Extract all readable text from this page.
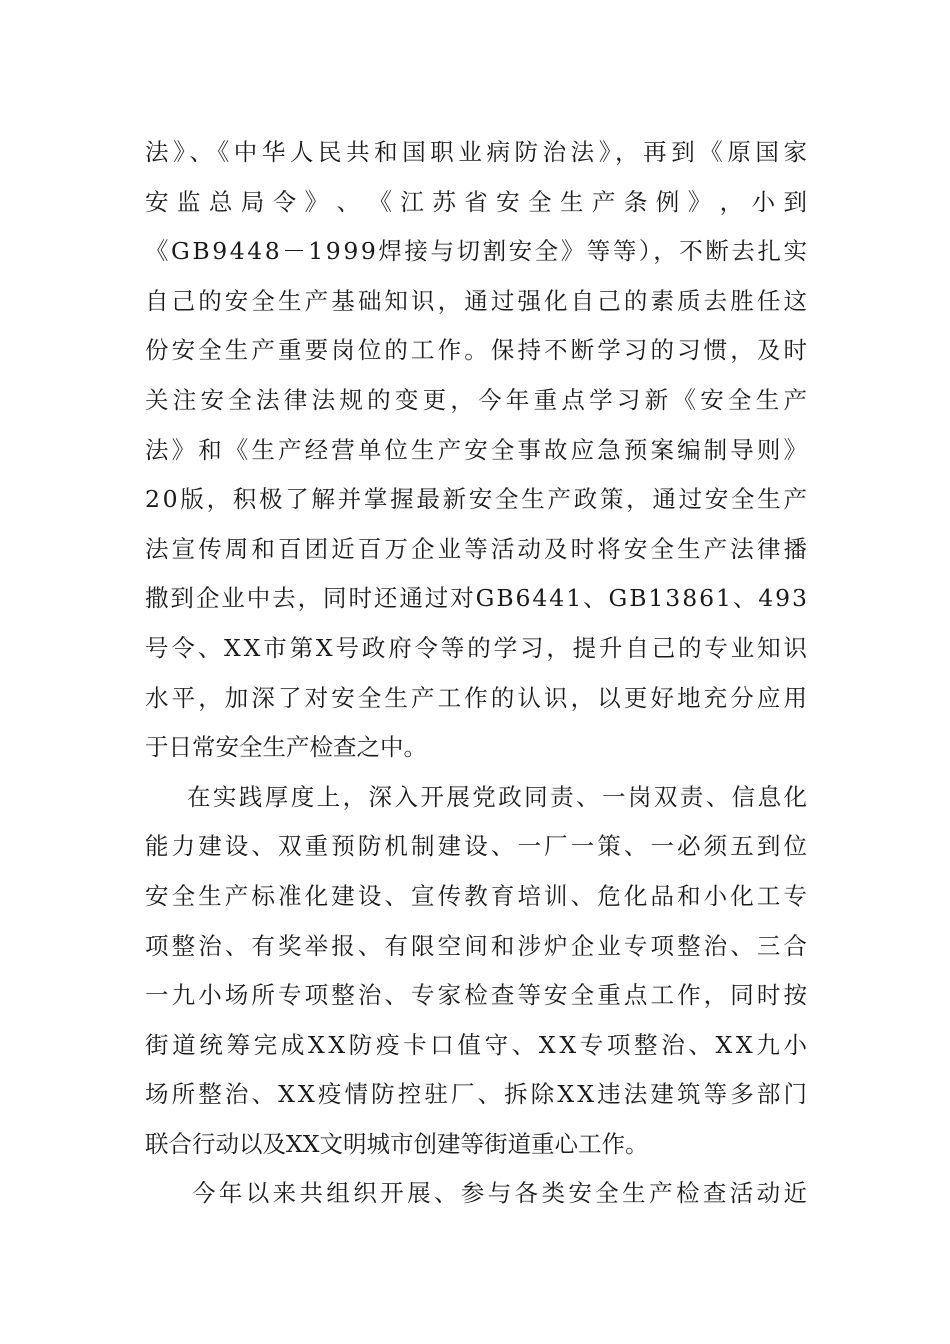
法》、《中华人民共和国职业病防治法》，再到《原国家
安 监 总 局 令 》 、 《 江 苏 省 安 全 生 产 条 例 》 ， 小 到
《GB9448－1999焊接与切割安全》等等），不断去扎实
自己的安全生产基础知识，通过强化自己的素质去胜任这
份安全生产重要岗位的工作。保持不断学习的习惯，及时
关注安全法律法规的变更，今年重点学习新《安全生产
法》和《生产经营单位生产安全事故应急预案编制导则》
20版，积极了解并掌握最新安全生产政策，通过安全生产
法宣传周和百团近百万企业等活动及时将安全生产法律播
撒到企业中去，同时还通过对GB6441、GB13861、493
号令、XX市第X号政府令等的学习，提升自己的专业知识
水平，加深了对安全生产工作的认识，以更好地充分应用
于日常安全生产检查之中。
在实践厚度上，深入开展党政同责、一岗双责、信息化
能力建设、双重预防机制建设、一厂一策、一必须五到位
安全生产标准化建设、宣传教育培训、危化品和小化工专
项整治、有奖举报、有限空间和涉炉企业专项整治、三合
一九小场所专项整治、专家检查等安全重点工作，同时按
街道统筹完成XX防疫卡口值守、XX专项整治、XX九小
场所整治、XX疫情防控驻厂、拆除XX违法建筑等多部门
联合行动以及XX文明城市创建等街道重心工作。
今年以来共组织开展、参与各类安全生产检查活动近
